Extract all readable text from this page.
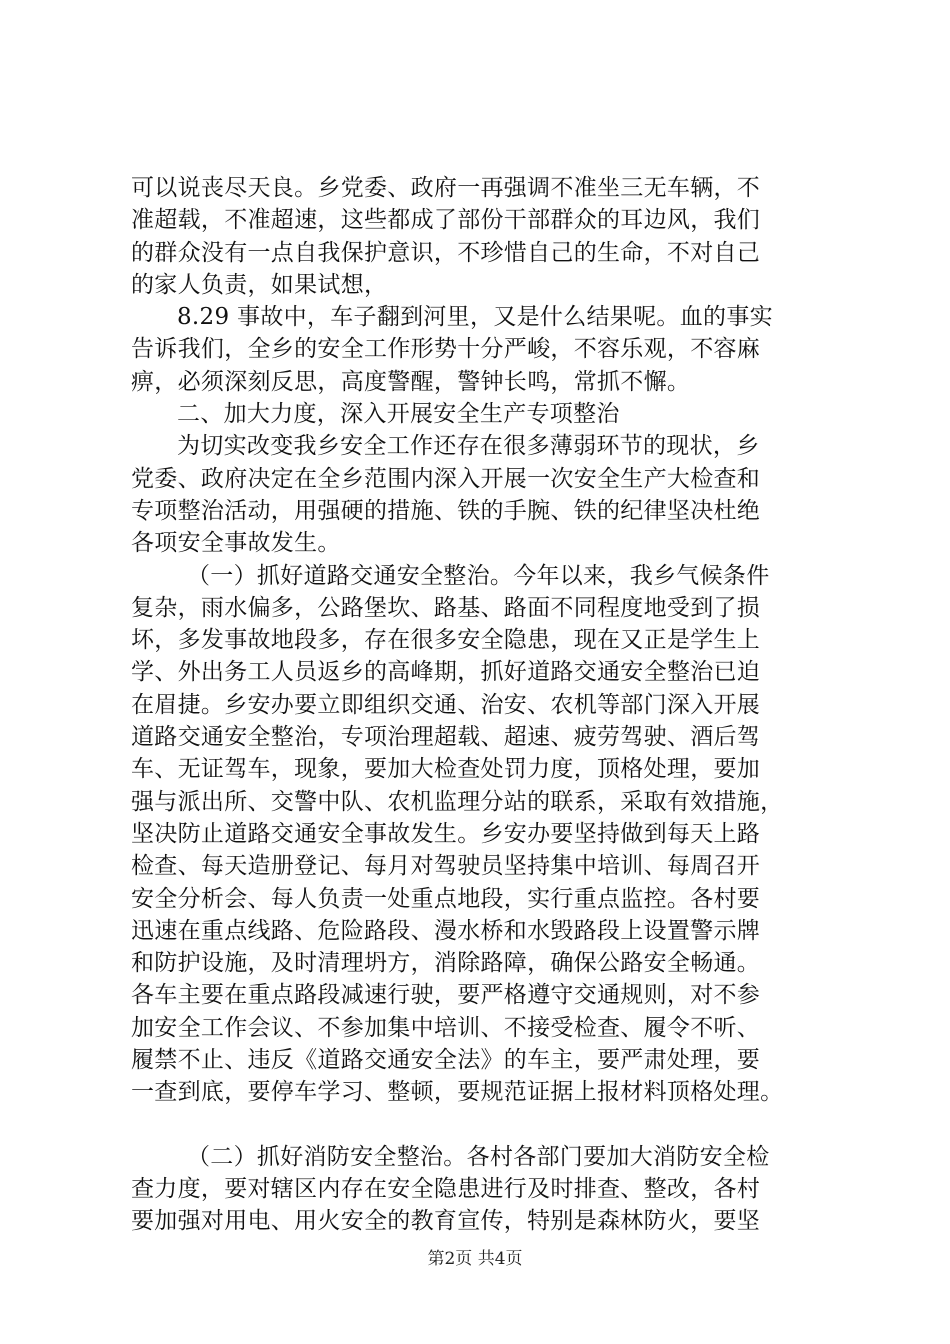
可以说丧尽天良。乡党委、政府一再强调不准坐三无车辆，不
准超载，不准超速，这些都成了部份干部群众的耳边风，我们
的群众没有一点自我保护意识，不珍惜自己的生命，不对自己
的家人负责，如果试想，
8.29 事故中，车子翻到河里，又是什么结果呢。血的事实
告诉我们，全乡的安全工作形势十分严峻，不容乐观，不容麻
痹，必须深刻反思，高度警醒，警钟长鸣，常抓不懈。
二、加大力度，深入开展安全生产专项整治
为切实改变我乡安全工作还存在很多薄弱环节的现状，乡
党委、政府决定在全乡范围内深入开展一次安全生产大检查和
专项整治活动，用强硬的措施、铁的手腕、铁的纪律坚决杜绝
各项安全事故发生。
（一）抓好道路交通安全整治。今年以来，我乡气候条件
复杂，雨水偏多，公路堡坎、路基、路面不同程度地受到了损
坏，多发事故地段多，存在很多安全隐患，现在又正是学生上
学、外出务工人员返乡的高峰期，抓好道路交通安全整治已迫
在眉捷。乡安办要立即组织交通、治安、农机等部门深入开展
道路交通安全整治，专项治理超载、超速、疲劳驾驶、酒后驾
车、无证驾车，现象，要加大检查处罚力度，顶格处理，要加
强与派出所、交警中队、农机监理分站的联系，采取有效措施，
坚决防止道路交通安全事故发生。乡安办要坚持做到每天上路
检查、每天造册登记、每月对驾驶员坚持集中培训、每周召开
安全分析会、每人负责一处重点地段，实行重点监控。各村要
迅速在重点线路、危险路段、漫水桥和水毁路段上设置警示牌
和防护设施，及时清理坍方，消除路障，确保公路安全畅通。
各车主要在重点路段减速行驶，要严格遵守交通规则，对不参
加安全工作会议、不参加集中培训、不接受检查、履令不听、
履禁不止、违反《道路交通安全法》的车主，要严肃处理，要
一查到底，要停车学习、整顿，要规范证据上报材料顶格处理。
（二）抓好消防安全整治。各村各部门要加大消防安全检
查力度，要对辖区内存在安全隐患进行及时排查、整改，各村
要加强对用电、用火安全的教育宣传，特别是森林防火，要坚
第2页 共4页
